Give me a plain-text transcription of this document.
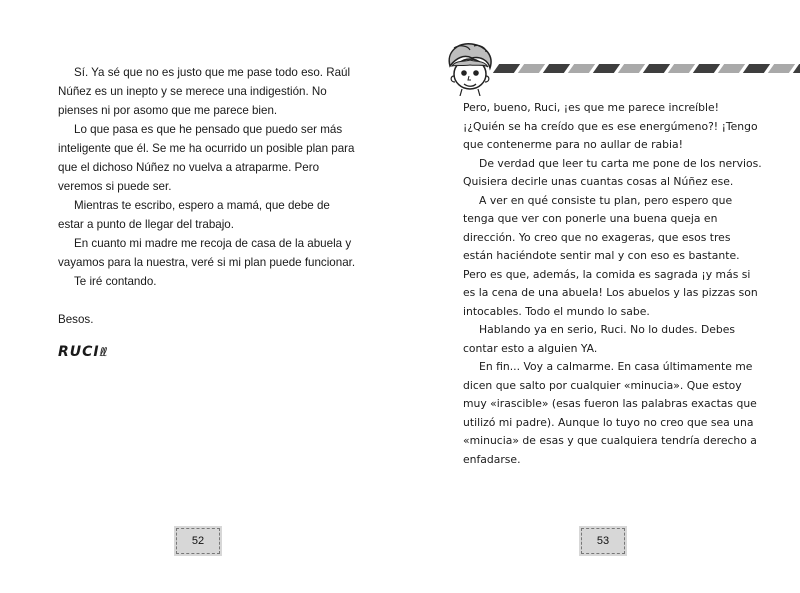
Sí. Ya sé que no es justo que me pase todo eso. Raúl Núñez es un inepto y se merece una indigestión. No pienses ni por asomo que me parece bien.

Lo que pasa es que he pensado que puedo ser más inteligente que él. Se me ha ocurrido un posible plan para que el dichoso Núñez no vuelva a atraparme. Pero veremos si puede ser.

Mientras te escribo, espero a mamá, que debe de estar a punto de llegar del trabajo.

En cuanto mi madre me recoja de casa de la abuela y vayamos para la nuestra, veré si mi plan puede funcionar.

Te iré contando.

Besos.

RUCIℓℓ
52

Pero, bueno, Ruci, ¡es que me parece increíble! ¡¿Quién se ha creído que es ese energúmeno?! ¡Tengo que contenerme para no aullar de rabia!

De verdad que leer tu carta me pone de los nervios. Quisiera decirle unas cuantas cosas al Núñez ese.

A ver en qué consiste tu plan, pero espero que tenga que ver con ponerle una buena queja en dirección. Yo creo que no exageras, que esos tres están haciéndote sentir mal y con eso es bastante. Pero es que, además, la comida es sagrada ¡y más si es la cena de una abuela! Los abuelos y las pizzas son intocables. Todo el mundo lo sabe.

Hablando ya en serio, Ruci. No lo dudes. Debes contar esto a alguien YA.

En fin... Voy a calmarme. En casa últimamente me dicen que salto por cualquier «minucia». Que estoy muy «irascible» (esas fueron las palabras exactas que utilizó mi padre). Aunque lo tuyo no creo que sea una «minucia» de esas y que cualquiera tendría derecho a enfadarse.

53
